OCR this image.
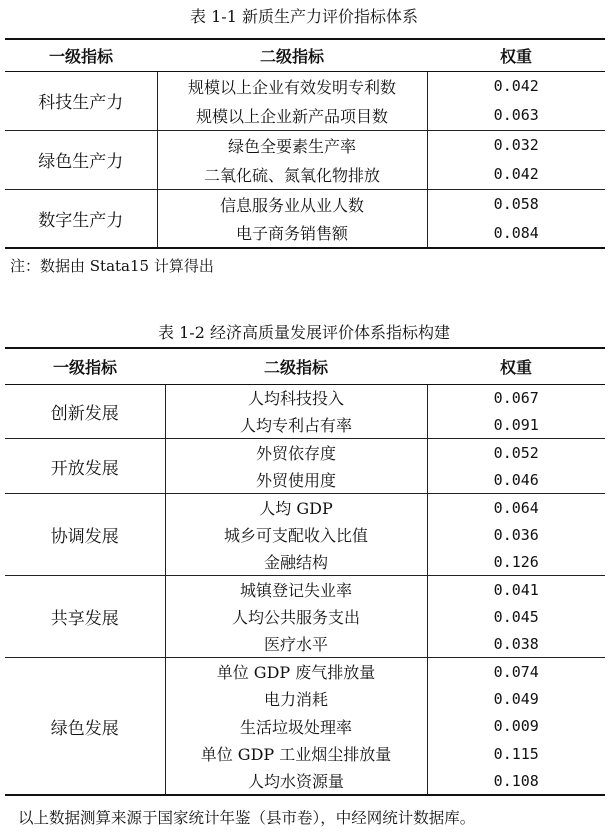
表 1-1 新质生产力评价指标体系
一级指标	二级指标	权重
科技生产力	规模以上企业有效发明专利数	0.042
	规模以上企业新产品项目数	0.063
绿色生产力	绿色全要素生产率	0.032
	二氧化硫、氮氧化物排放	0.042
数字生产力	信息服务业从业人数	0.058
	电子商务销售额	0.084
注：数据由 Stata15 计算得出
表 1-2 经济高质量发展评价体系指标构建
一级指标	二级指标	权重
创新发展	人均科技投入	0.067
	人均专利占有率	0.091
开放发展	外贸依存度	0.052
	外贸使用度	0.046
协调发展	人均 GDP	0.064
	城乡可支配收入比值	0.036
	金融结构	0.126
共享发展	城镇登记失业率	0.041
	人均公共服务支出	0.045
	医疗水平	0.038
绿色发展	单位 GDP 废气排放量	0.074
	电力消耗	0.049
	生活垃圾处理率	0.009
	单位 GDP 工业烟尘排放量	0.115
	人均水资源量	0.108
以上数据测算来源于国家统计年鉴（县市卷），中经网统计数据库。
